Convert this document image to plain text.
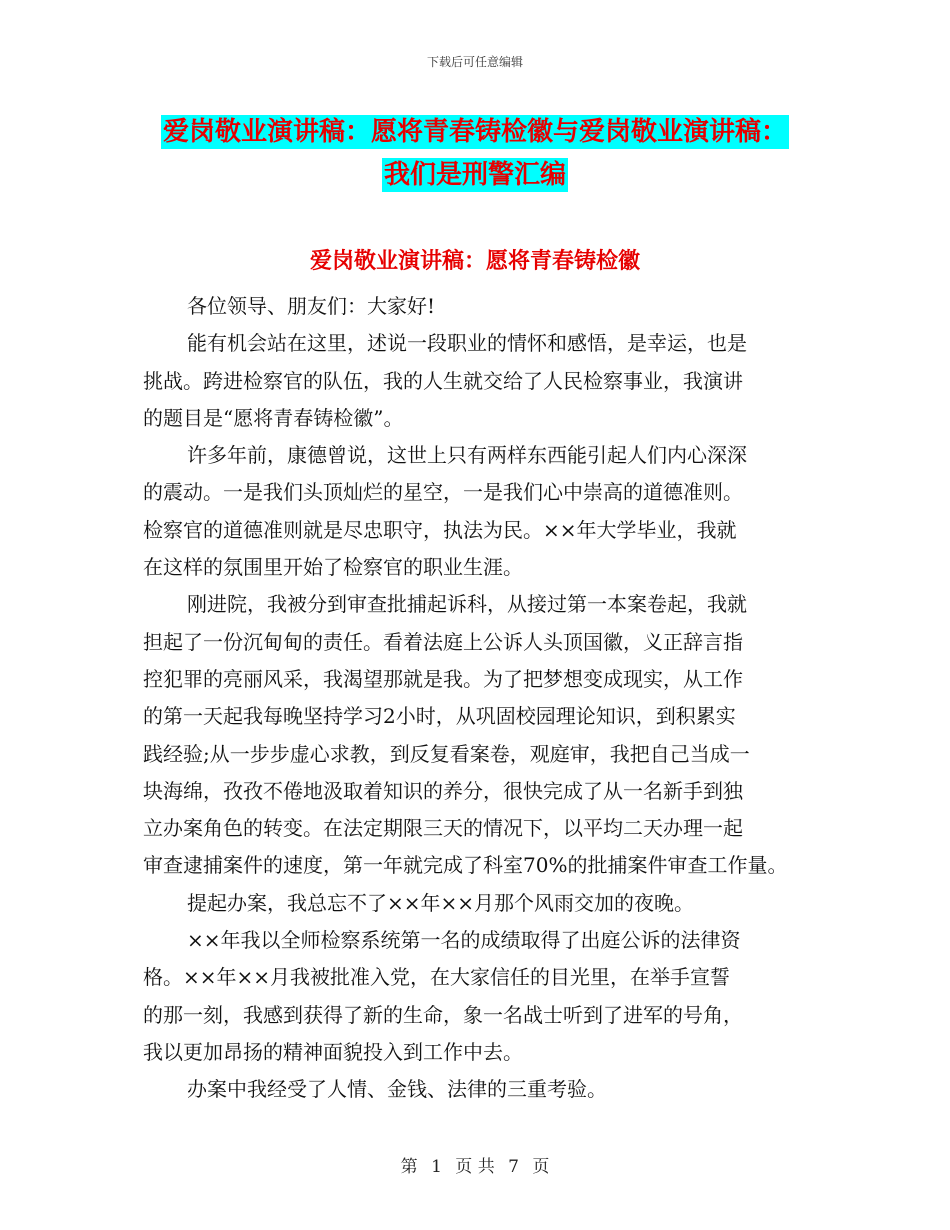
下载后可任意编辑
爱岗敬业演讲稿：愿将青春铸检徽与爱岗敬业演讲稿：
我们是刑警汇编
爱岗敬业演讲稿：愿将青春铸检徽
各位领导、朋友们：大家好!
能有机会站在这里，述说一段职业的情怀和感悟，是幸运，也是
挑战。跨进检察官的队伍，我的人生就交给了人民检察事业，我演讲
的题目是“愿将青春铸检徽”。
许多年前，康德曾说，这世上只有两样东西能引起人们内心深深
的震动。一是我们头顶灿烂的星空，一是我们心中崇高的道德准则。
检察官的道德准则就是尽忠职守，执法为民。××年大学毕业，我就
在这样的氛围里开始了检察官的职业生涯。
刚进院，我被分到审查批捕起诉科，从接过第一本案卷起，我就
担起了一份沉甸甸的责任。看着法庭上公诉人头顶国徽，义正辞言指
控犯罪的亮丽风采，我渴望那就是我。为了把梦想变成现实，从工作
的第一天起我每晚坚持学习2小时，从巩固校园理论知识，到积累实
践经验;从一步步虚心求教，到反复看案卷，观庭审，我把自己当成一
块海绵，孜孜不倦地汲取着知识的养分，很快完成了从一名新手到独
立办案角色的转变。在法定期限三天的情况下，以平均二天办理一起
审查逮捕案件的速度，第一年就完成了科室70%的批捕案件审查工作量。
提起办案，我总忘不了××年××月那个风雨交加的夜晚。
××年我以全师检察系统第一名的成绩取得了出庭公诉的法律资
格。××年××月我被批准入党，在大家信任的目光里，在举手宣誓
的那一刻，我感到获得了新的生命，象一名战士听到了进军的号角，
我以更加昂扬的精神面貌投入到工作中去。
办案中我经受了人情、金钱、法律的三重考验。
第 1 页 共 7 页
